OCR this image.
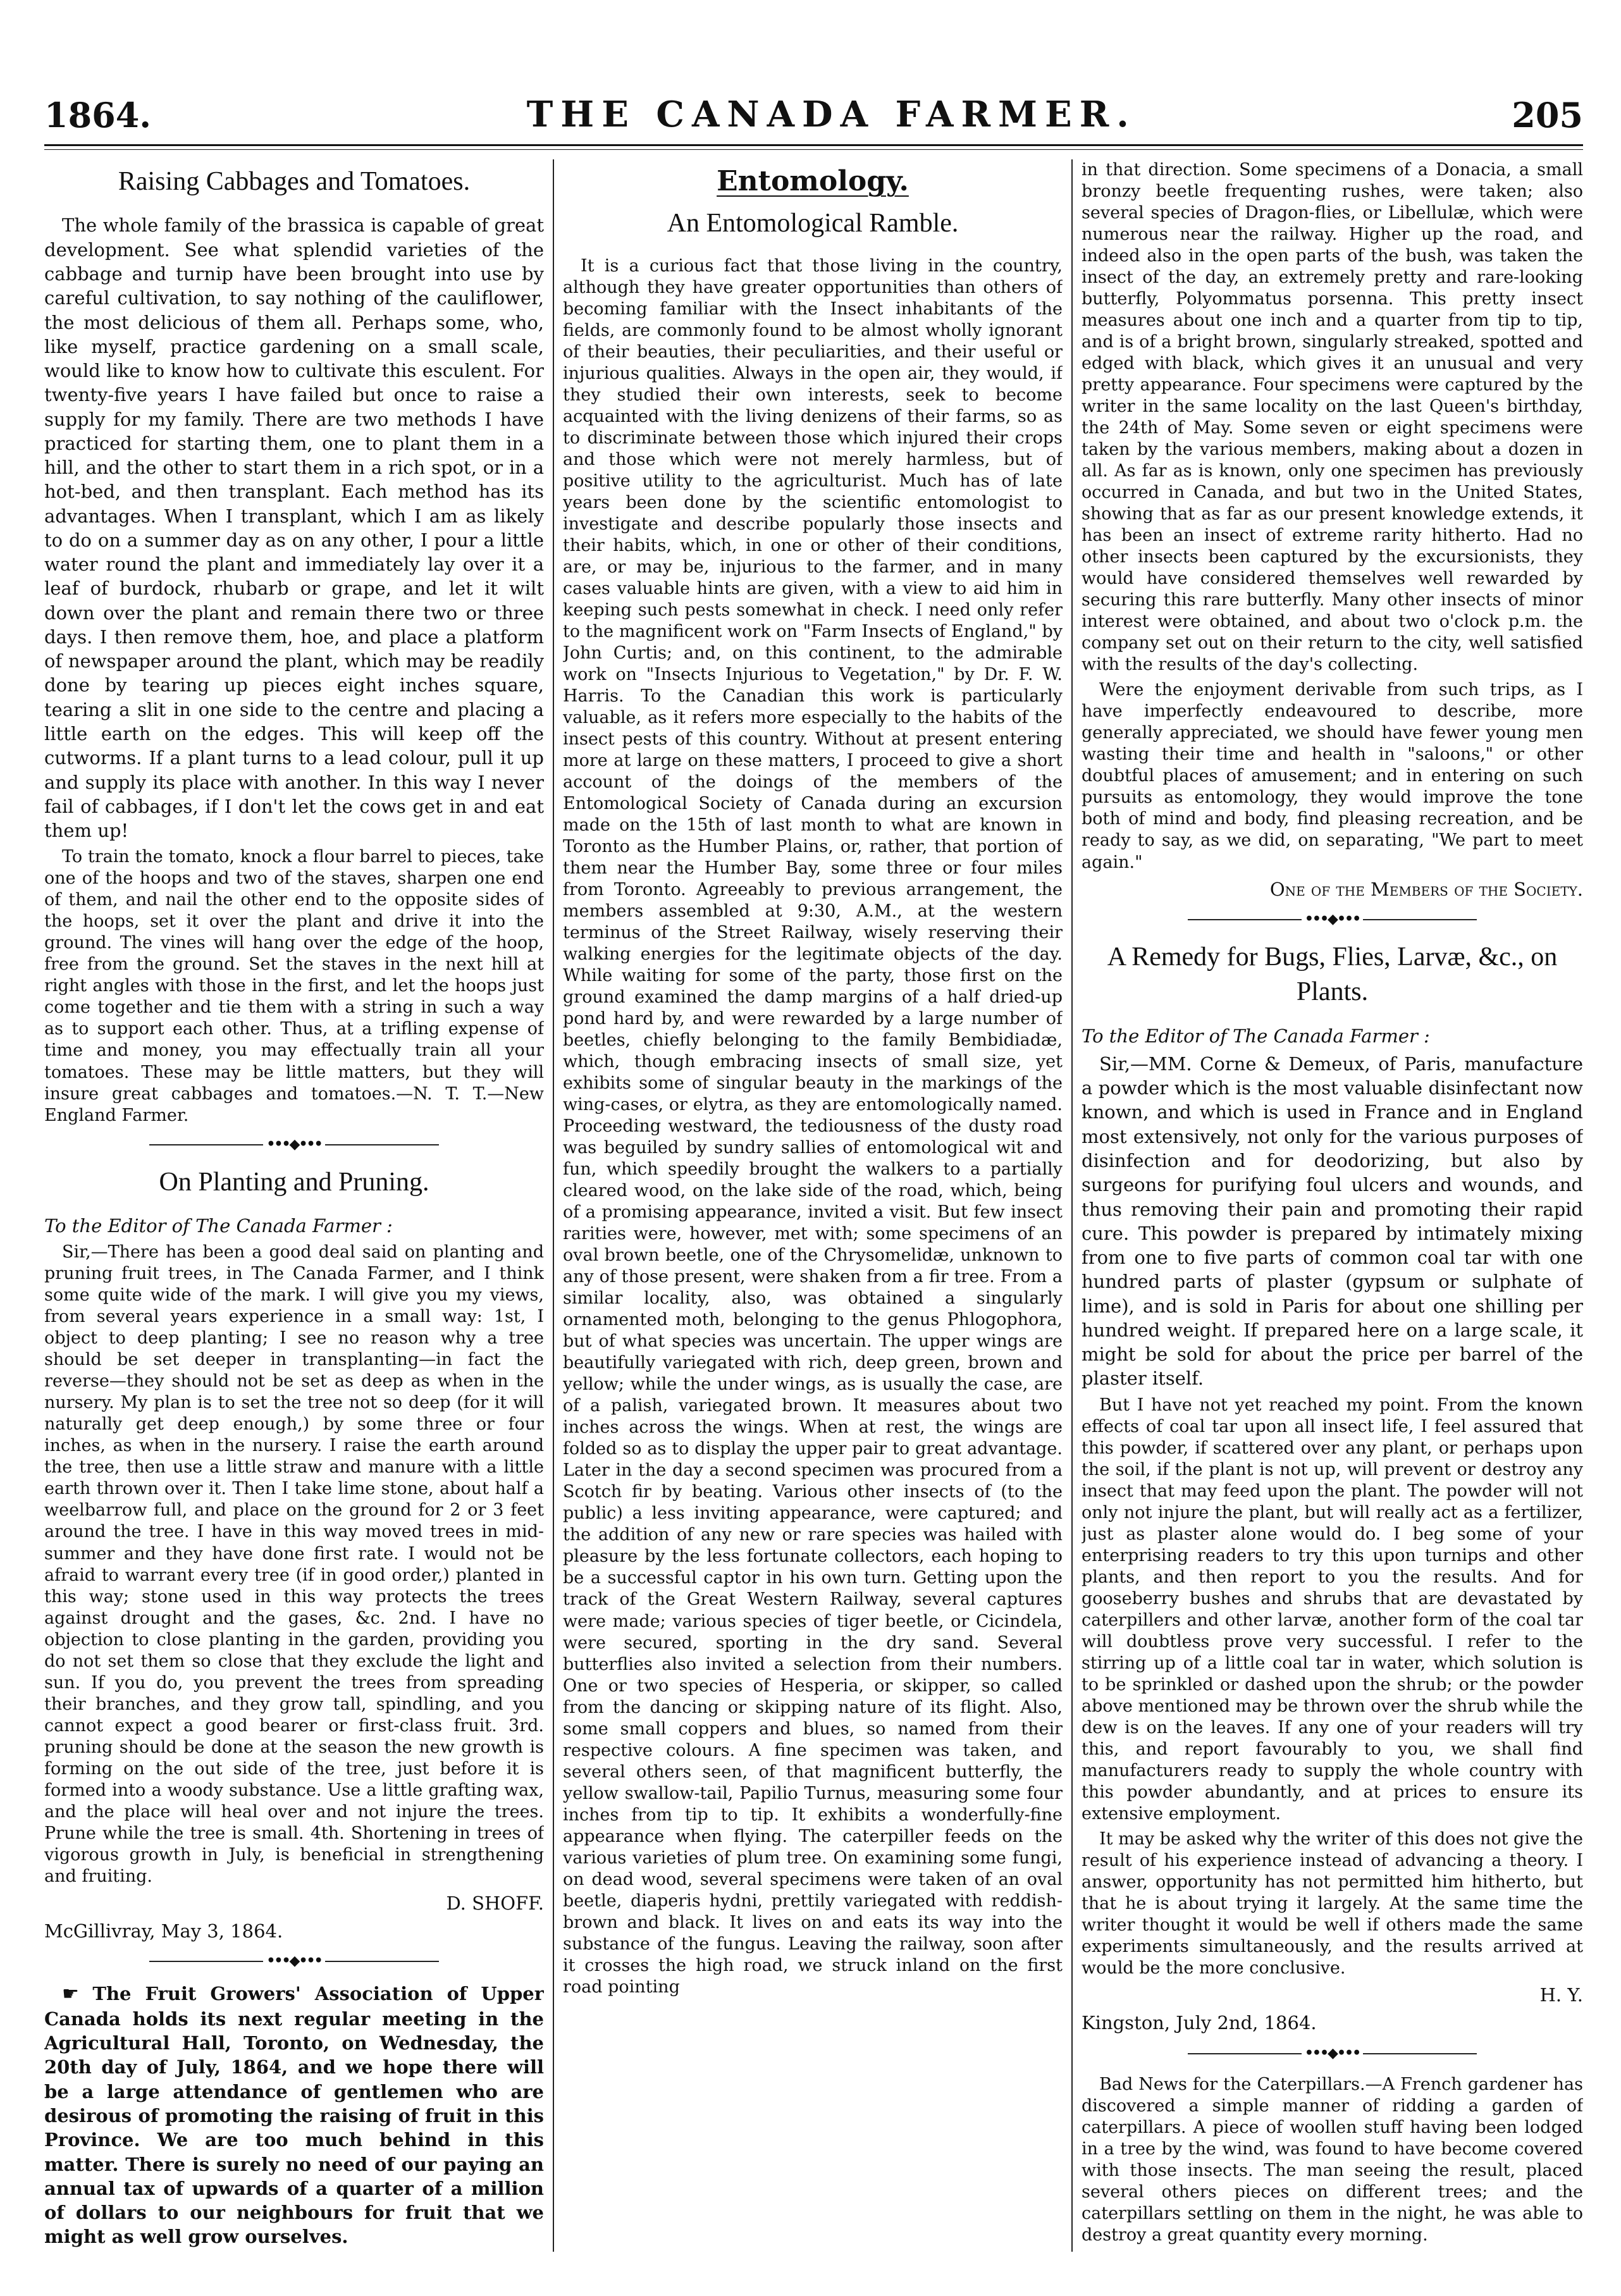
1864.	THE CANADA FARMER.	205
Raising Cabbages and Tomatoes.

The whole family of the brassica is capable of great development. See what splendid varieties of the cabbage and turnip have been brought into use by careful cultivation, to say nothing of the cauliflower, the most delicious of them all. Perhaps some, who, like myself, practice gardening on a small scale, would like to know how to cultivate this esculent. For twenty-five years I have failed but once to raise a supply for my family. There are two methods I have practiced for starting them, one to plant them in a hill, and the other to start them in a rich spot, or in a hot-bed, and then transplant. Each method has its advantages. When I transplant, which I am as likely to do on a summer day as on any other, I pour a little water round the plant and immediately lay over it a leaf of burdock, rhubarb or grape, and let it wilt down over the plant and remain there two or three days. I then remove them, hoe, and place a platform of newspaper around the plant, which may be readily done by tearing up pieces eight inches square, tearing a slit in one side to the centre and placing a little earth on the edges. This will keep off the cutworms. If a plant turns to a lead colour, pull it up and supply its place with another. In this way I never fail of cabbages, if I don't let the cows get in and eat them up!

To train the tomato, knock a flour barrel to pieces, take one of the hoops and two of the staves, sharpen one end of them, and nail the other end to the opposite sides of the hoops, set it over the plant and drive it into the ground. The vines will hang over the edge of the hoop, free from the ground. Set the staves in the next hill at right angles with those in the first, and let the hoops just come together and tie them with a string in such a way as to support each other. Thus, at a trifling expense of time and money, you may effectually train all your tomatoes. These may be little matters, but they will insure great cabbages and tomatoes.—N. T. T.—New England Farmer.

•••◆•••
On Planting and Pruning.

To the Editor of The Canada Farmer :

Sir,—There has been a good deal said on planting and pruning fruit trees, in The Canada Farmer, and I think some quite wide of the mark. I will give you my views, from several years experience in a small way: 1st, I object to deep planting; I see no reason why a tree should be set deeper in transplanting—in fact the reverse—they should not be set as deep as when in the nursery. My plan is to set the tree not so deep (for it will naturally get deep enough,) by some three or four inches, as when in the nursery. I raise the earth around the tree, then use a little straw and manure with a little earth thrown over it. Then I take lime stone, about half a weelbarrow full, and place on the ground for 2 or 3 feet around the tree. I have in this way moved trees in mid-summer and they have done first rate. I would not be afraid to warrant every tree (if in good order,) planted in this way; stone used in this way protects the trees against drought and the gases, &c. 2nd. I have no objection to close planting in the garden, providing you do not set them so close that they exclude the light and sun. If you do, you prevent the trees from spreading their branches, and they grow tall, spindling, and you cannot expect a good bearer or first-class fruit. 3rd. pruning should be done at the season the new growth is forming on the out side of the tree, just before it is formed into a woody substance. Use a little grafting wax, and the place will heal over and not injure the trees. Prune while the tree is small. 4th. Shortening in trees of vigorous growth in July, is beneficial in strengthening and fruiting.

D. SHOFF.

McGillivray, May 3, 1864.

•••◆•••

☛ The Fruit Growers' Association of Upper Canada holds its next regular meeting in the Agricultural Hall, Toronto, on Wednesday, the 20th day of July, 1864, and we hope there will be a large attendance of gentlemen who are desirous of promoting the raising of fruit in this Province. We are too much behind in this matter. There is surely no need of our paying an annual tax of upwards of a quarter of a million of dollars to our neighbours for fruit that we might as well grow ourselves.

Entomology.
An Entomological Ramble.

It is a curious fact that those living in the country, although they have greater opportunities than others of becoming familiar with the Insect inhabitants of the fields, are commonly found to be almost wholly ignorant of their beauties, their peculiarities, and their useful or injurious qualities. Always in the open air, they would, if they studied their own interests, seek to become acquainted with the living denizens of their farms, so as to discriminate between those which injured their crops and those which were not merely harmless, but of positive utility to the agriculturist. Much has of late years been done by the scientific entomologist to investigate and describe popularly those insects and their habits, which, in one or other of their conditions, are, or may be, injurious to the farmer, and in many cases valuable hints are given, with a view to aid him in keeping such pests somewhat in check. I need only refer to the magnificent work on "Farm Insects of England," by John Curtis; and, on this continent, to the admirable work on "Insects Injurious to Vegetation," by Dr. F. W. Harris. To the Canadian this work is particularly valuable, as it refers more especially to the habits of the insect pests of this country. Without at present entering more at large on these matters, I proceed to give a short account of the doings of the members of the Entomological Society of Canada during an excursion made on the 15th of last month to what are known in Toronto as the Humber Plains, or, rather, that portion of them near the Humber Bay, some three or four miles from Toronto. Agreeably to previous arrangement, the members assembled at 9:30, A.M., at the western terminus of the Street Railway, wisely reserving their walking energies for the legitimate objects of the day. While waiting for some of the party, those first on the ground examined the damp margins of a half dried-up pond hard by, and were rewarded by a large number of beetles, chiefly belonging to the family Bembidiadæ, which, though embracing insects of small size, yet exhibits some of singular beauty in the markings of the wing-cases, or elytra, as they are entomologically named. Proceeding westward, the tediousness of the dusty road was beguiled by sundry sallies of entomological wit and fun, which speedily brought the walkers to a partially cleared wood, on the lake side of the road, which, being of a promising appearance, invited a visit. But few insect rarities were, however, met with; some specimens of an oval brown beetle, one of the Chrysomelidæ, unknown to any of those present, were shaken from a fir tree. From a similar locality, also, was obtained a singularly ornamented moth, belonging to the genus Phlogophora, but of what species was uncertain. The upper wings are beautifully variegated with rich, deep green, brown and yellow; while the under wings, as is usually the case, are of a palish, variegated brown. It measures about two inches across the wings. When at rest, the wings are folded so as to display the upper pair to great advantage. Later in the day a second specimen was procured from a Scotch fir by beating. Various other insects of (to the public) a less inviting appearance, were captured; and the addition of any new or rare species was hailed with pleasure by the less fortunate collectors, each hoping to be a successful captor in his own turn. Getting upon the track of the Great Western Railway, several captures were made; various species of tiger beetle, or Cicindela, were secured, sporting in the dry sand. Several butterflies also invited a selection from their numbers. One or two species of Hesperia, or skipper, so called from the dancing or skipping nature of its flight. Also, some small coppers and blues, so named from their respective colours. A fine specimen was taken, and several others seen, of that magnificent butterfly, the yellow swallow-tail, Papilio Turnus, measuring some four inches from tip to tip. It exhibits a wonderfully-fine appearance when flying. The caterpiller feeds on the various varieties of plum tree. On examining some fungi, on dead wood, several specimens were taken of an oval beetle, diaperis hydni, prettily variegated with reddish-brown and black. It lives on and eats its way into the substance of the fungus. Leaving the railway, soon after it crosses the high road, we struck inland on the first road pointing

in that direction. Some specimens of a Donacia, a small bronzy beetle frequenting rushes, were taken; also several species of Dragon-flies, or Libellulæ, which were numerous near the railway. Higher up the road, and indeed also in the open parts of the bush, was taken the insect of the day, an extremely pretty and rare-looking butterfly, Polyommatus porsenna. This pretty insect measures about one inch and a quarter from tip to tip, and is of a bright brown, singularly streaked, spotted and edged with black, which gives it an unusual and very pretty appearance. Four specimens were captured by the writer in the same locality on the last Queen's birthday, the 24th of May. Some seven or eight specimens were taken by the various members, making about a dozen in all. As far as is known, only one specimen has previously occurred in Canada, and but two in the United States, showing that as far as our present knowledge extends, it has been an insect of extreme rarity hitherto. Had no other insects been captured by the excursionists, they would have considered themselves well rewarded by securing this rare butterfly. Many other insects of minor interest were obtained, and about two o'clock p.m. the company set out on their return to the city, well satisfied with the results of the day's collecting.

Were the enjoyment derivable from such trips, as I have imperfectly endeavoured to describe, more generally appreciated, we should have fewer young men wasting their time and health in "saloons," or other doubtful places of amusement; and in entering on such pursuits as entomology, they would improve the tone both of mind and body, find pleasing recreation, and be ready to say, as we did, on separating, "We part to meet again."

One of the Members of the Society.

•••◆•••
A Remedy for Bugs, Flies, Larvæ, &c., on Plants.

To the Editor of The Canada Farmer :

Sir,—MM. Corne & Demeux, of Paris, manufacture a powder which is the most valuable disinfectant now known, and which is used in France and in England most extensively, not only for the various purposes of disinfection and for deodorizing, but also by surgeons for purifying foul ulcers and wounds, and thus removing their pain and promoting their rapid cure. This powder is prepared by intimately mixing from one to five parts of common coal tar with one hundred parts of plaster (gypsum or sulphate of lime), and is sold in Paris for about one shilling per hundred weight. If prepared here on a large scale, it might be sold for about the price per barrel of the plaster itself.

But I have not yet reached my point. From the known effects of coal tar upon all insect life, I feel assured that this powder, if scattered over any plant, or perhaps upon the soil, if the plant is not up, will prevent or destroy any insect that may feed upon the plant. The powder will not only not injure the plant, but will really act as a fertilizer, just as plaster alone would do. I beg some of your enterprising readers to try this upon turnips and other plants, and then report to you the results. And for gooseberry bushes and shrubs that are devastated by caterpillers and other larvæ, another form of the coal tar will doubtless prove very successful. I refer to the stirring up of a little coal tar in water, which solution is to be sprinkled or dashed upon the shrub; or the powder above mentioned may be thrown over the shrub while the dew is on the leaves. If any one of your readers will try this, and report favourably to you, we shall find manufacturers ready to supply the whole country with this powder abundantly, and at prices to ensure its extensive employment.

It may be asked why the writer of this does not give the result of his experience instead of advancing a theory. I answer, opportunity has not permitted him hitherto, but that he is about trying it largely. At the same time the writer thought it would be well if others made the same experiments simultaneously, and the results arrived at would be the more conclusive.

H. Y.

Kingston, July 2nd, 1864.

•••◆•••

Bad News for the Caterpillars.—A French gardener has discovered a simple manner of ridding a garden of caterpillars. A piece of woollen stuff having been lodged in a tree by the wind, was found to have become covered with those insects. The man seeing the result, placed several others pieces on different trees; and the caterpillars settling on them in the night, he was able to destroy a great quantity every morning.
